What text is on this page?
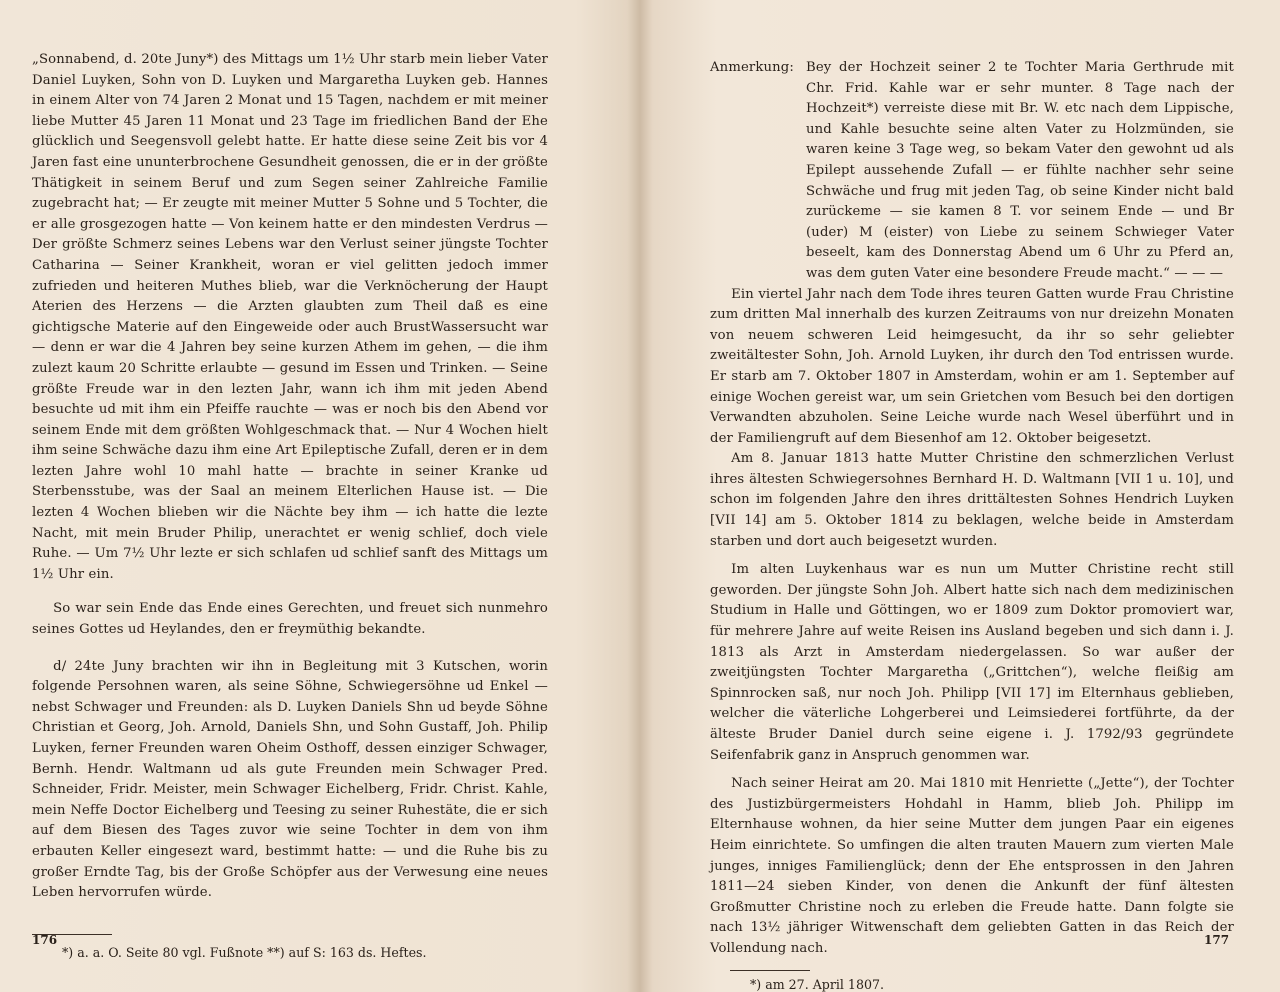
„Sonnabend, d. 20te Juny*) des Mittags um 1½ Uhr starb mein lieber Vater Daniel Luyken, Sohn von D. Luyken und Margaretha Luyken geb. Hannes in einem Alter von 74 Jaren 2 Monat und 15 Tagen, nachdem er mit meiner liebe Mutter 45 Jaren 11 Monat und 23 Tage im friedlichen Band der Ehe glücklich und Seegensvoll gelebt hatte. Er hatte diese seine Zeit bis vor 4 Jaren fast eine ununterbrochene Gesundheit genossen, die er in der größte Thätigkeit in seinem Beruf und zum Segen seiner Zahlreiche Familie zugebracht hat; — Er zeugte mit meiner Mutter 5 Sohne und 5 Tochter, die er alle grosgezogen hatte — Von keinem hatte er den mindesten Verdrus — Der größte Schmerz seines Lebens war den Verlust seiner jüngste Tochter Catharina — Seiner Krankheit, woran er viel gelitten jedoch immer zufrieden und heiteren Muthes blieb, war die Verknöcherung der Haupt Aterien des Herzens — die Arzten glaubten zum Theil daß es eine gichtigsche Materie auf den Eingeweide oder auch BrustWassersucht war — denn er war die 4 Jahren bey seine kurzen Athem im gehen, — die ihm zulezt kaum 20 Schritte erlaubte — gesund im Essen und Trinken. — Seine größte Freude war in den lezten Jahr, wann ich ihm mit jeden Abend besuchte ud mit ihm ein Pfeiffe rauchte — was er noch bis den Abend vor seinem Ende mit dem größten Wohlgeschmack that. — Nur 4 Wochen hielt ihm seine Schwäche dazu ihm eine Art Epileptische Zufall, deren er in dem lezten Jahre wohl 10 mahl hatte — brachte in seiner Kranke ud Sterbensstube, was der Saal an meinem Elterlichen Hause ist. — Die lezten 4 Wochen blieben wir die Nächte bey ihm — ich hatte die lezte Nacht, mit mein Bruder Philip, unerachtet er wenig schlief, doch viele Ruhe. — Um 7½ Uhr lezte er sich schlafen ud schlief sanft des Mittags um 1½ Uhr ein.

So war sein Ende das Ende eines Gerechten, und freuet sich nunmehro seines Gottes ud Heylandes, den er freymüthig bekandte.

d/ 24te Juny brachten wir ihn in Begleitung mit 3 Kutschen, worin folgende Persohnen waren, als seine Söhne, Schwiegersöhne ud Enkel — nebst Schwager und Freunden: als D. Luyken Daniels Shn ud beyde Söhne Christian et Georg, Joh. Arnold, Daniels Shn, und Sohn Gustaff, Joh. Philip Luyken, ferner Freunden waren Oheim Osthoff, dessen einziger Schwager, Bernh. Hendr. Waltmann ud als gute Freunden mein Schwager Pred. Schneider, Fridr. Meister, mein Schwager Eichelberg, Fridr. Christ. Kahle, mein Neffe Doctor Eichelberg und Teesing zu seiner Ruhestäte, die er sich auf dem Biesen des Tages zuvor wie seine Tochter in dem von ihm erbauten Keller eingesezt ward, bestimmt hatte: — und die Ruhe bis zu großer Erndte Tag, bis der Große Schöpfer aus der Verwesung eine neues Leben hervorrufen würde.

*) a. a. O. Seite 80 vgl. Fußnote **) auf S: 163 ds. Heftes.

176
Anmerkung: Bey der Hochzeit seiner 2 te Tochter Maria Gerthrude mit Chr. Frid. Kahle war er sehr munter. 8 Tage nach der Hochzeit*) verreiste diese mit Br. W. etc nach dem Lippische, und Kahle besuchte seine alten Vater zu Holzmünden, sie waren keine 3 Tage weg, so bekam Vater den gewohnt ud als Epilept aussehende Zufall — er fühlte nachher sehr seine Schwäche und frug mit jeden Tag, ob seine Kinder nicht bald zurückeme — sie kamen 8 T. vor seinem Ende — und Br (uder) M (eister) von Liebe zu seinem Schwieger Vater beseelt, kam des Donnerstag Abend um 6 Uhr zu Pferd an, was dem guten Vater eine besondere Freude macht.“ — — —

Ein viertel Jahr nach dem Tode ihres teuren Gatten wurde Frau Christine zum dritten Mal innerhalb des kurzen Zeitraums von nur dreizehn Monaten von neuem schweren Leid heimgesucht, da ihr so sehr geliebter zweitältester Sohn, Joh. Arnold Luyken, ihr durch den Tod entrissen wurde. Er starb am 7. Oktober 1807 in Amsterdam, wohin er am 1. September auf einige Wochen gereist war, um sein Grietchen vom Besuch bei den dortigen Verwandten abzuholen. Seine Leiche wurde nach Wesel überführt und in der Familiengruft auf dem Biesenhof am 12. Oktober beigesetzt.

Am 8. Januar 1813 hatte Mutter Christine den schmerzlichen Verlust ihres ältesten Schwiegersohnes Bernhard H. D. Waltmann [VII 1 u. 10], und schon im folgenden Jahre den ihres drittältesten Sohnes Hendrich Luyken [VII 14] am 5. Oktober 1814 zu beklagen, welche beide in Amsterdam starben und dort auch beigesetzt wurden.

Im alten Luykenhaus war es nun um Mutter Christine recht still geworden. Der jüngste Sohn Joh. Albert hatte sich nach dem medizinischen Studium in Halle und Göttingen, wo er 1809 zum Doktor promoviert war, für mehrere Jahre auf weite Reisen ins Ausland begeben und sich dann i. J. 1813 als Arzt in Amsterdam niedergelassen. So war außer der zweitjüngsten Tochter Margaretha („Grittchen“), welche fleißig am Spinnrocken saß, nur noch Joh. Philipp [VII 17] im Elternhaus geblieben, welcher die väterliche Lohgerberei und Leimsiederei fortführte, da der älteste Bruder Daniel durch seine eigene i. J. 1792/93 gegründete Seifenfabrik ganz in Anspruch genommen war.

Nach seiner Heirat am 20. Mai 1810 mit Henriette („Jette“), der Tochter des Justizbürgermeisters Hohdahl in Hamm, blieb Joh. Philipp im Elternhause wohnen, da hier seine Mutter dem jungen Paar ein eigenes Heim einrichtete. So umfingen die alten trauten Mauern zum vierten Male junges, inniges Familienglück; denn der Ehe entsprossen in den Jahren 1811—24 sieben Kinder, von denen die Ankunft der fünf ältesten Großmutter Christine noch zu erleben die Freude hatte. Dann folgte sie nach 13½ jähriger Witwenschaft dem geliebten Gatten in das Reich der Vollendung nach.

*) am 27. April 1807.

177
